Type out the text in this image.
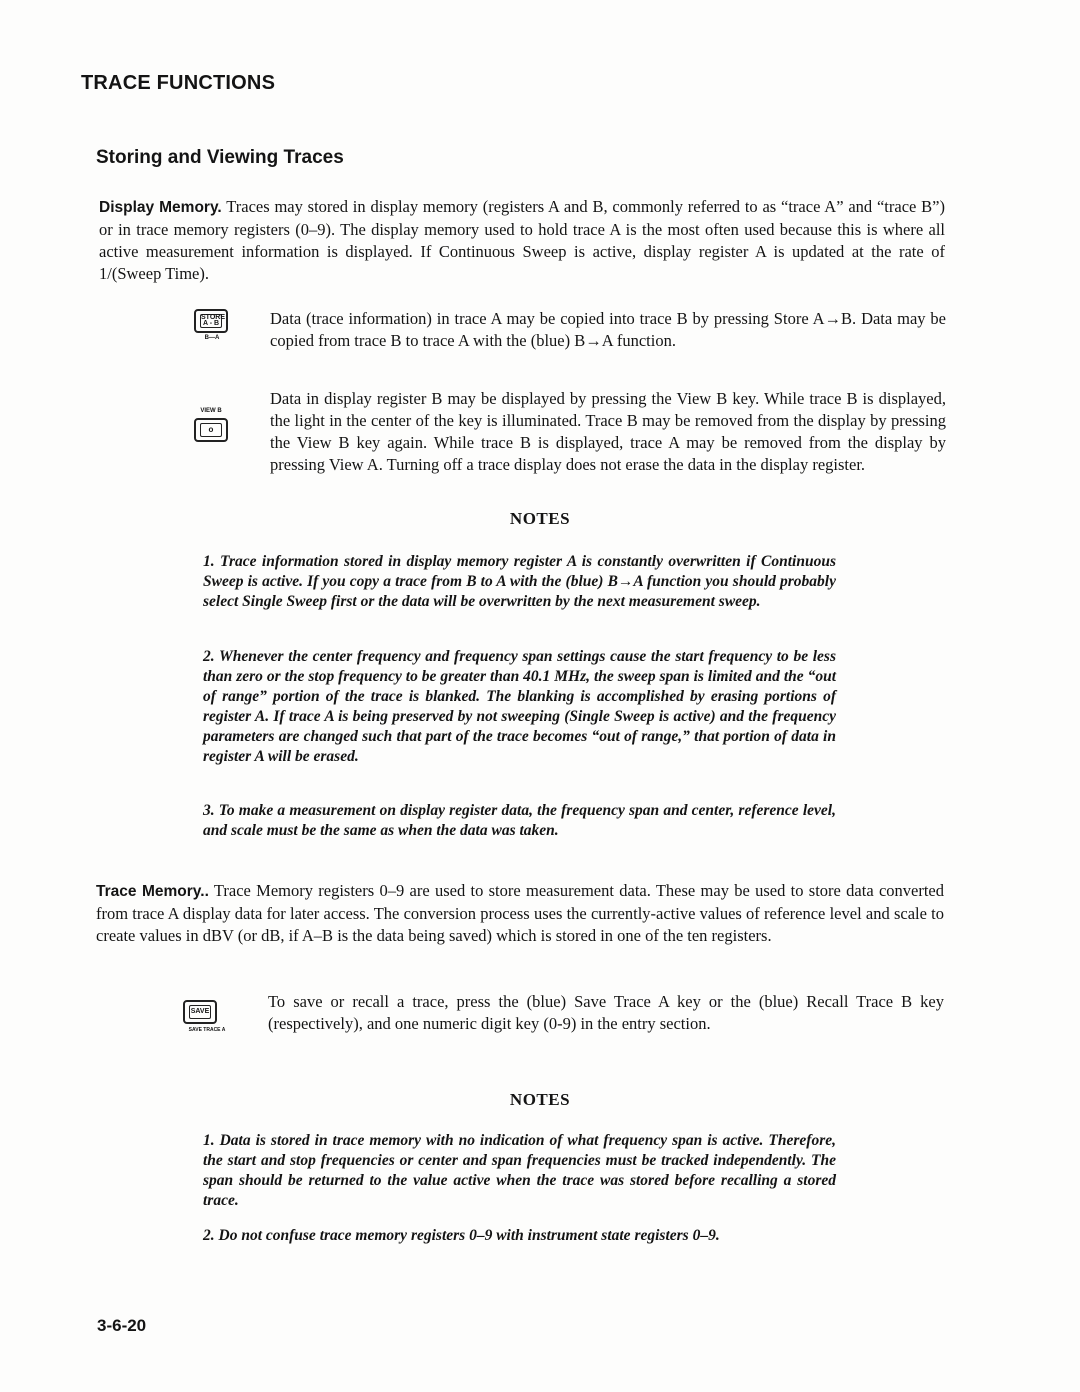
TRACE FUNCTIONS
Storing and Viewing Traces
Display Memory. Traces may stored in display memory (registers A and B, commonly referred to as “trace A” and “trace B”) or in trace memory registers (0–9). The display memory used to hold trace A is the most often used because this is where all active measurement information is displayed. If Continuous Sweep is active, display register A is updated at the rate of 1/(Sweep Time).
STORE
A - B
B—A
Data (trace information) in trace A may be copied into trace B by pressing Store A→B. Data may be copied from trace B to trace A with the (blue) B→A function.
VIEW B
o
Data in display register B may be displayed by pressing the View B key. While trace B is displayed, the light in the center of the key is illuminated. Trace B may be removed from the display by pressing the View B key again. While trace B is displayed, trace A may be removed from the display by pressing View A. Turning off a trace display does not erase the data in the display register.
NOTES
1. Trace information stored in display memory register A is constantly overwritten if Continuous Sweep is active. If you copy a trace from B to A with the (blue) B→A function you should probably select Single Sweep first or the data will be overwritten by the next measurement sweep.
2. Whenever the center frequency and frequency span settings cause the start frequency to be less than zero or the stop frequency to be greater than 40.1 MHz, the sweep span is limited and the “out of range” portion of the trace is blanked. The blanking is accomplished by erasing portions of register A. If trace A is being preserved by not sweeping (Single Sweep is active) and the frequency parameters are changed such that part of the trace becomes “out of range,” that portion of data in register A will be erased.
3. To make a measurement on display register data, the frequency span and center, reference level, and scale must be the same as when the data was taken.
Trace Memory.. Trace Memory registers 0–9 are used to store measurement data. These may be used to store data converted from trace A display data for later access. The conversion process uses the currently-active values of reference level and scale to create values in dBV (or dB, if A–B is the data being saved) which is stored in one of the ten registers.
SAVE
SAVE TRACE A
To save or recall a trace, press the (blue) Save Trace A key or the (blue) Recall Trace B key (respectively), and one numeric digit key (0-9) in the entry section.
NOTES
1. Data is stored in trace memory with no indication of what frequency span is active. Therefore, the start and stop frequencies or center and span frequencies must be tracked independently. The span should be returned to the value active when the trace was stored before recalling a stored trace.
2. Do not confuse trace memory registers 0–9 with instrument state registers 0–9.
3-6-20
